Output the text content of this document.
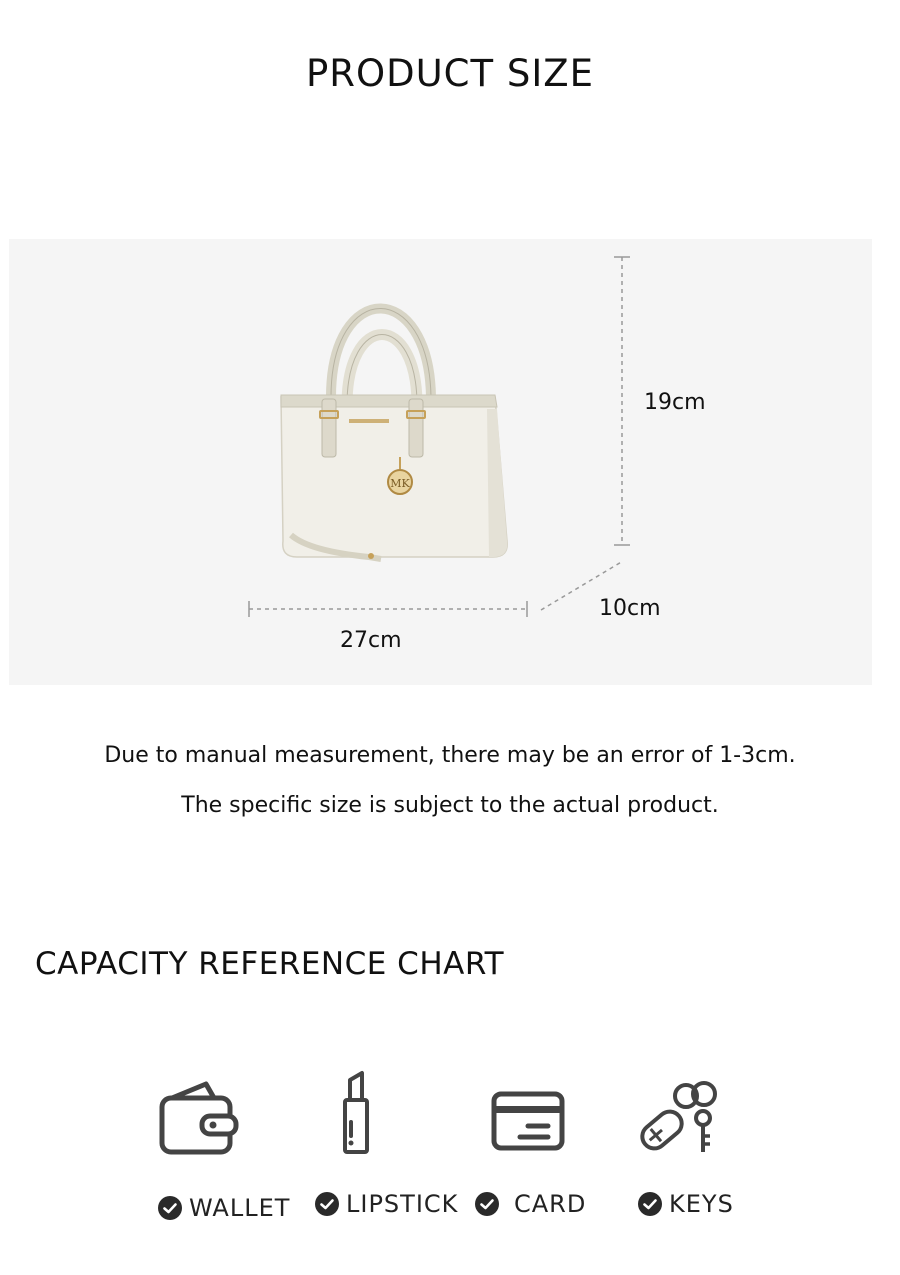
PRODUCT SIZE
MK
19cm
10cm
27cm
Due to manual measurement, there may be an error of 1-3cm.
The specific size is subject to the actual product.
CAPACITY REFERENCE CHART
WALLET LIPSTICK CARD	KEYS
